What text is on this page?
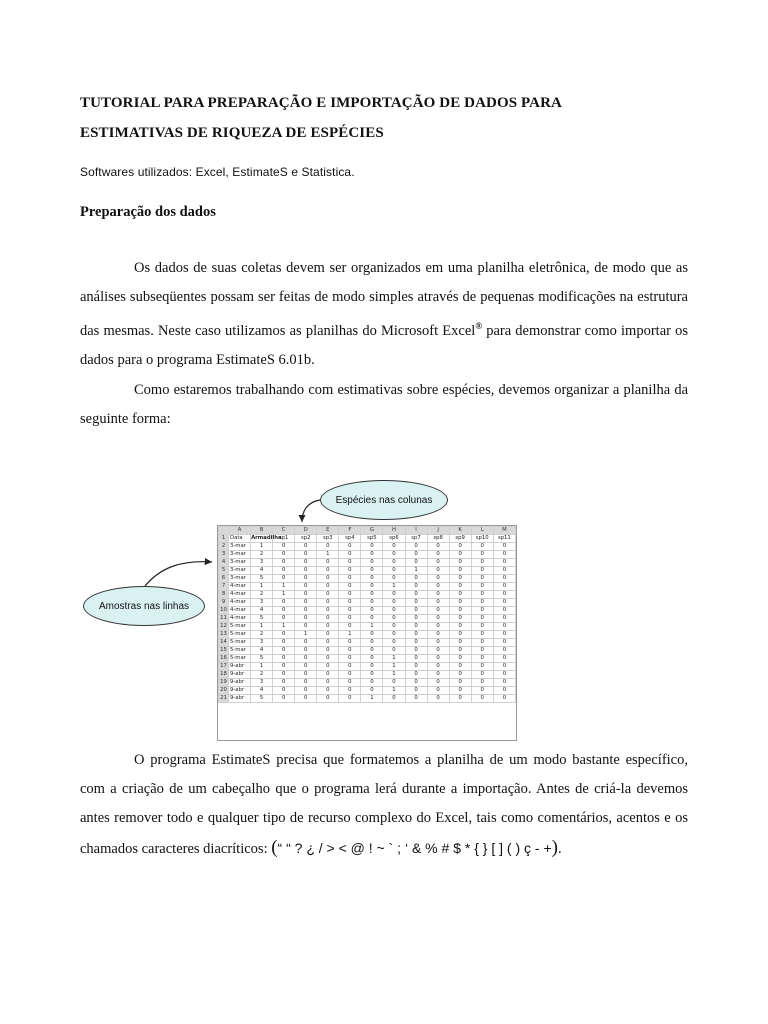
TUTORIAL PARA PREPARAÇÃO E IMPORTAÇÃO DE DADOS PARA
ESTIMATIVAS DE RIQUEZA DE ESPÉCIES
Softwares utilizados: Excel, EstimateS e Statistica.
Preparação dos dados

Os dados de suas coletas devem ser organizados em uma planilha eletrônica, de modo que as análises subseqüentes possam ser feitas de modo simples através de pequenas modificações na estrutura das mesmas. Neste caso utilizamos as planilhas do Microsoft Excel® para demonstrar como importar os dados para o programa EstimateS 6.01b.

Como estaremos trabalhando com estimativas sobre espécies, devemos organizar a planilha da seguinte forma:

Espécies nas colunas
Amostras nas linhas
	A	B	C	D	E	F	G	H	I	J	K	L	M
1	Data	Armadilha	sp1	sp2	sp3	sp4	sp5	sp6	sp7	sp8	sp9	sp10	sp11
2	3-mar	1	0	0	0	0	0	0	0	0	0	0	0
3	3-mar	2	0	0	1	0	0	0	0	0	0	0	0
4	3-mar	3	0	0	0	0	0	0	0	0	0	0	0
5	3-mar	4	0	0	0	0	0	0	1	0	0	0	0
6	3-mar	5	0	0	0	0	0	0	0	0	0	0	0
7	4-mar	1	1	0	0	0	0	1	0	0	0	0	0
8	4-mar	2	1	0	0	0	0	0	0	0	0	0	0
9	4-mar	3	0	0	0	0	0	0	0	0	0	0	0
10	4-mar	4	0	0	0	0	0	0	0	0	0	0	0
11	4-mar	5	0	0	0	0	0	0	0	0	0	0	0
12	5-mar	1	1	0	0	0	1	0	0	0	0	0	0
13	5-mar	2	0	1	0	1	0	0	0	0	0	0	0
14	5-mar	3	0	0	0	0	0	0	0	0	0	0	0
15	5-mar	4	0	0	0	0	0	0	0	0	0	0	0
16	5-mar	5	0	0	0	0	0	1	0	0	0	0	0
17	9-abr	1	0	0	0	0	0	1	0	0	0	0	0
18	9-abr	2	0	0	0	0	0	1	0	0	0	0	0
19	9-abr	3	0	0	0	0	0	0	0	0	0	0	0
20	9-abr	4	0	0	0	0	0	1	0	0	0	0	0
21	9-abr	5	0	0	0	0	1	0	0	0	0	0	0

O programa EstimateS precisa que formatemos a planilha de um modo bastante específico, com a criação de um cabeçalho que o programa lerá durante a importação. Antes de criá-la devemos antes remover todo e qualquer tipo de recurso complexo do Excel, tais como comentários, acentos e os chamados caracteres diacríticos: (“ “ ? ¿ / > < @ ! ~ ` ; ‘ & % # $ * { } [ ] ( ) ç - +).
